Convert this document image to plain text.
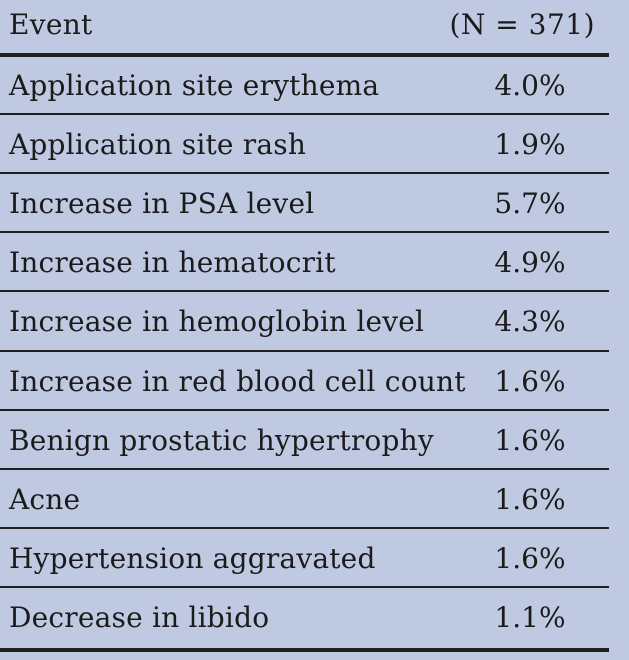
Event	(N = 371)
Application site erythema	4.0%
Application site rash	1.9%
Increase in PSA level	5.7%
Increase in hematocrit	4.9%
Increase in hemoglobin level	4.3%
Increase in red blood cell count	1.6%
Benign prostatic hypertrophy	1.6%
Acne	1.6%
Hypertension aggravated	1.6%
Decrease in libido	1.1%
